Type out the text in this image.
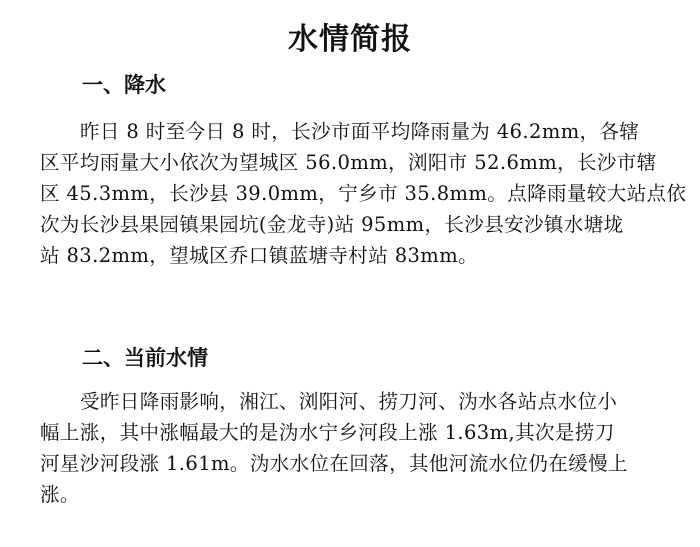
水情简报
一、降水
昨日 8 时至今日 8 时，长沙市面平均降雨量为 46.2mm，各辖
区平均雨量大小依次为望城区 56.0mm，浏阳市 52.6mm，长沙市辖
区 45.3mm，长沙县 39.0mm，宁乡市 35.8mm。点降雨量较大站点依
次为长沙县果园镇果园坑(金龙寺)站 95mm，长沙县安沙镇水塘垅
站 83.2mm，望城区乔口镇蓝塘寺村站 83mm。
二、当前水情
受昨日降雨影响，湘江、浏阳河、捞刀河、沩水各站点水位小
幅上涨，其中涨幅最大的是沩水宁乡河段上涨 1.63m,其次是捞刀
河星沙河段涨 1.61m。沩水水位在回落，其他河流水位仍在缓慢上
涨。
